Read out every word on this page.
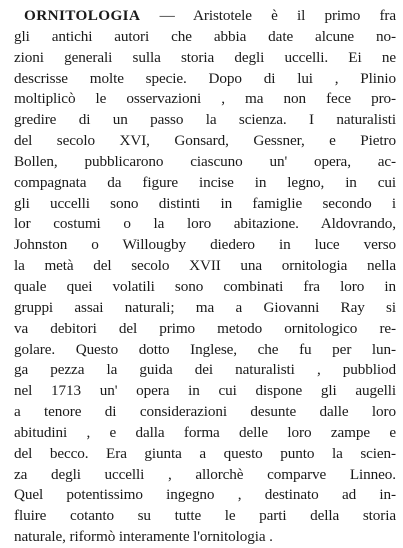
ORNITOLOGIA — Aristotele è il primo fra
gli antichi autori che abbia date alcune no-
zioni generali sulla storia degli uccelli. Ei ne
descrisse molte specie. Dopo di lui , Plinio
moltiplicò le osservazioni , ma non fece pro-
gredire di un passo la scienza. I naturalisti
del secolo XVI, Gonsard, Gessner, e Pietro
Bollen, pubblicarono ciascuno un' opera, ac-
compagnata da figure incise in legno, in cui
gli uccelli sono distinti in famiglie secondo i
lor costumi o la loro abitazione. Aldovrando,
Johnston o Willougby diedero in luce verso
la metà del secolo XVII una ornitologia nella
quale quei volatili sono combinati fra loro in
gruppi assai naturali; ma a Giovanni Ray si
va debitori del primo metodo ornitologico re-
golare. Questo dotto Inglese, che fu per lun-
ga pezza la guida dei naturalisti , pubbliod
nel 1713 un' opera in cui dispone gli augelli
a tenore di considerazioni desunte dalle loro
abitudini , e dalla forma delle loro zampe e
del becco. Era giunta a questo punto la scien-
za degli uccelli , allorchè comparve Linneo.
Quel potentissimo ingegno , destinato ad in-
fluire cotanto su tutte le parti della storia
naturale, riformò interamente l'ornitologia .
